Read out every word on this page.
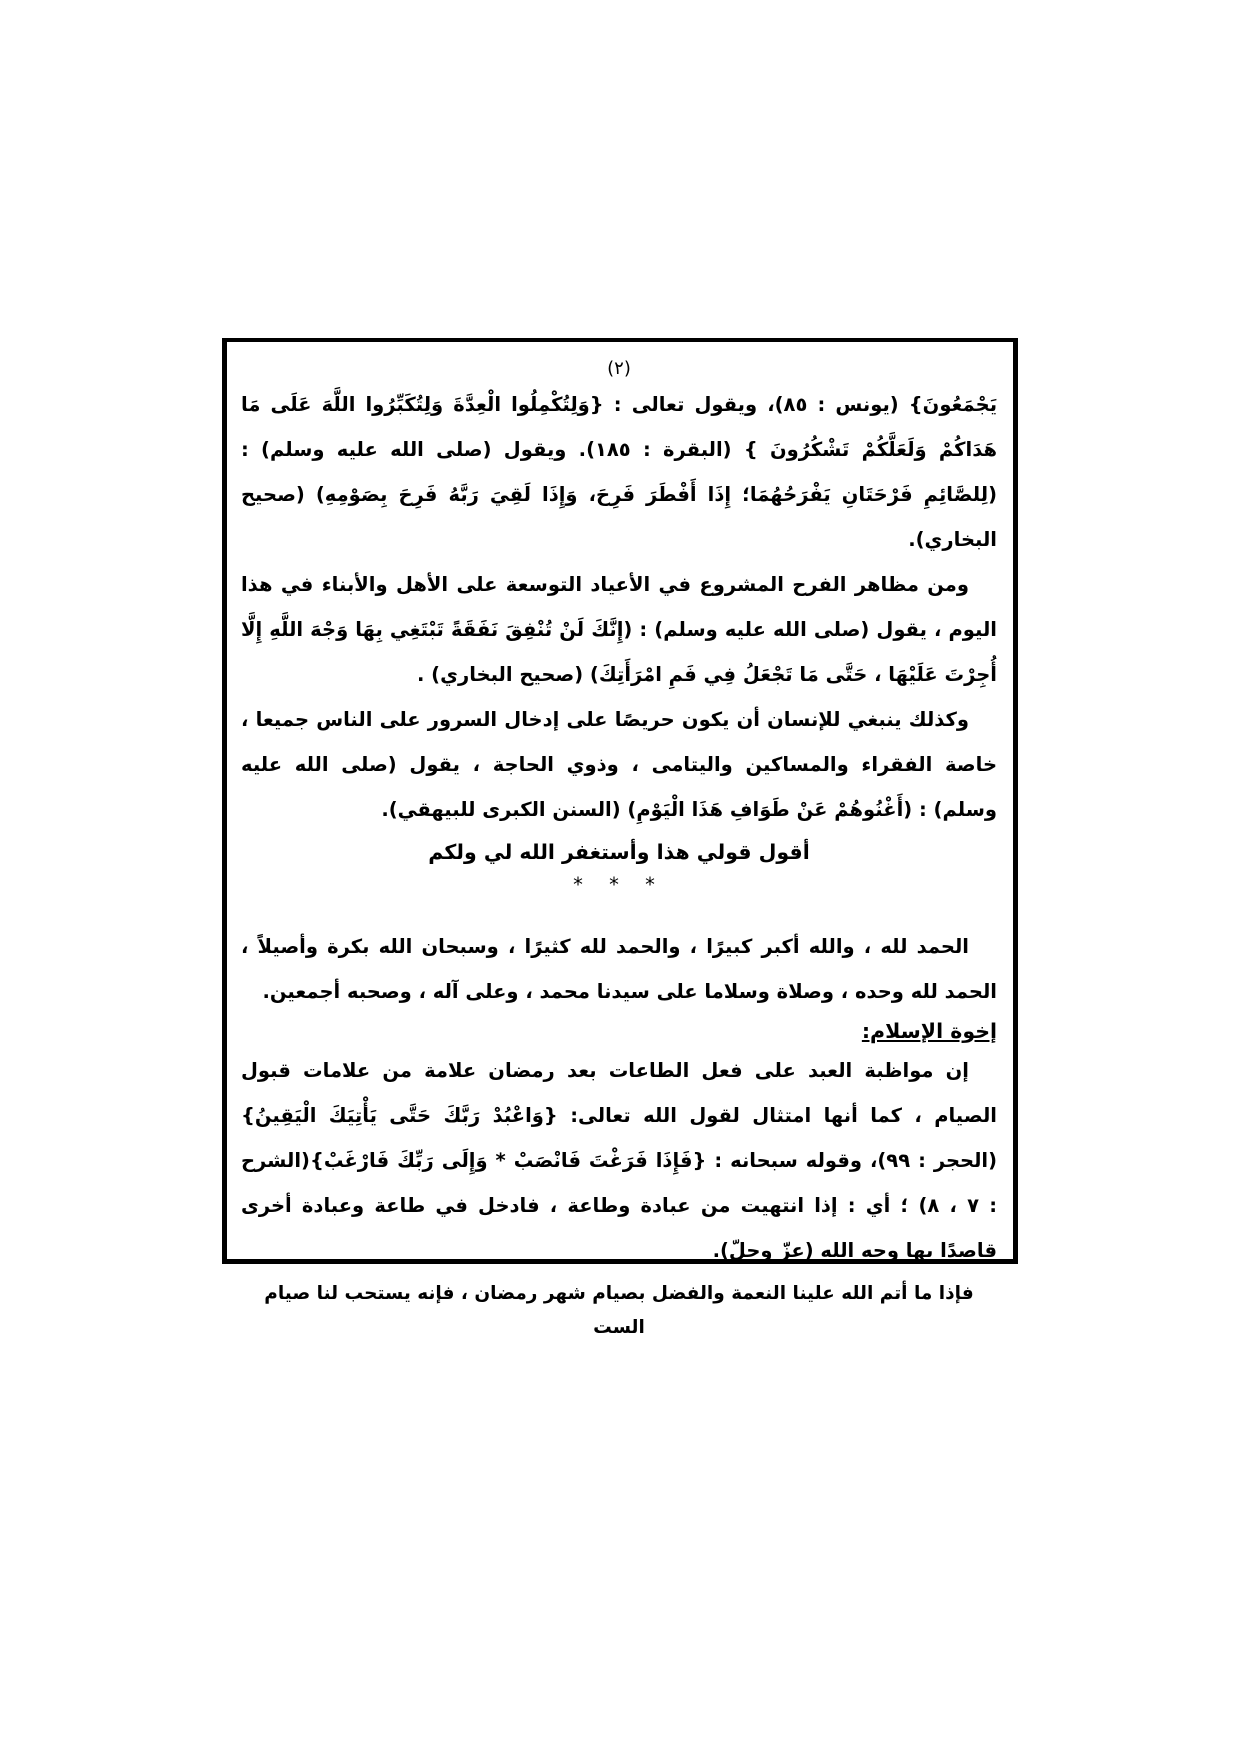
(٢)

يَجْمَعُونَ} (يونس : ٨٥)، ويقول تعالى : {وَلِتُكْمِلُوا الْعِدَّةَ وَلِتُكَبِّرُوا اللَّهَ عَلَى مَا هَدَاكُمْ وَلَعَلَّكُمْ تَشْكُرُونَ } (البقرة : ١٨٥). ويقول (صلى الله عليه وسلم) : (لِلصَّائِمِ فَرْحَتَانِ يَفْرَحُهُمَا؛ إِذَا أَفْطَرَ فَرِحَ، وَإِذَا لَقِيَ رَبَّهُ فَرِحَ بِصَوْمِهِ) (صحيح البخاري).

ومن مظاهر الفرح المشروع في الأعياد التوسعة على الأهل والأبناء في هذا اليوم ، يقول (صلى الله عليه وسلم) : (إِنَّكَ لَنْ تُنْفِقَ نَفَقَةً تَبْتَغِي بِهَا وَجْهَ اللَّهِ إِلَّا أُجِرْتَ عَلَيْهَا ، حَتَّى مَا تَجْعَلُ فِي فَمِ امْرَأَتِكَ) (صحيح البخاري) .

وكذلك ينبغي للإنسان أن يكون حريصًا على إدخال السرور على الناس جميعا ، خاصة الفقراء والمساكين واليتامى ، وذوي الحاجة ، يقول (صلى الله عليه وسلم) : (أَغْنُوهُمْ عَنْ طَوَافِ هَذَا الْيَوْمِ) (السنن الكبرى للبيهقي).

أقول قولي هذا وأستغفر الله لي ولكم

* * *

الحمد لله ، والله أكبر كبيرًا ، والحمد لله كثيرًا ، وسبحان الله بكرة وأصيلاً ، الحمد لله وحده ، وصلاة وسلاما على سيدنا محمد ، وعلى آله ، وصحبه أجمعين.

إخوة الإسلام:

إن مواظبة العبد على فعل الطاعات بعد رمضان علامة من علامات قبول الصيام ، كما أنها امتثال لقول الله تعالى: {وَاعْبُدْ رَبَّكَ حَتَّى يَأْتِيَكَ الْيَقِينُ} (الحجر : ٩٩)، وقوله سبحانه : {فَإِذَا فَرَغْتَ فَانْصَبْ * وَإِلَى رَبِّكَ فَارْغَبْ}(الشرح : ٧ ، ٨) ؛ أي : إذا انتهيت من عبادة وطاعة ، فادخل في طاعة وعبادة أخرى قاصدًا بها وجه الله (عزّ وجلّ).

فإذا ما أتم الله علينا النعمة والفضل بصيام شهر رمضان ، فإنه يستحب لنا صيام الست
